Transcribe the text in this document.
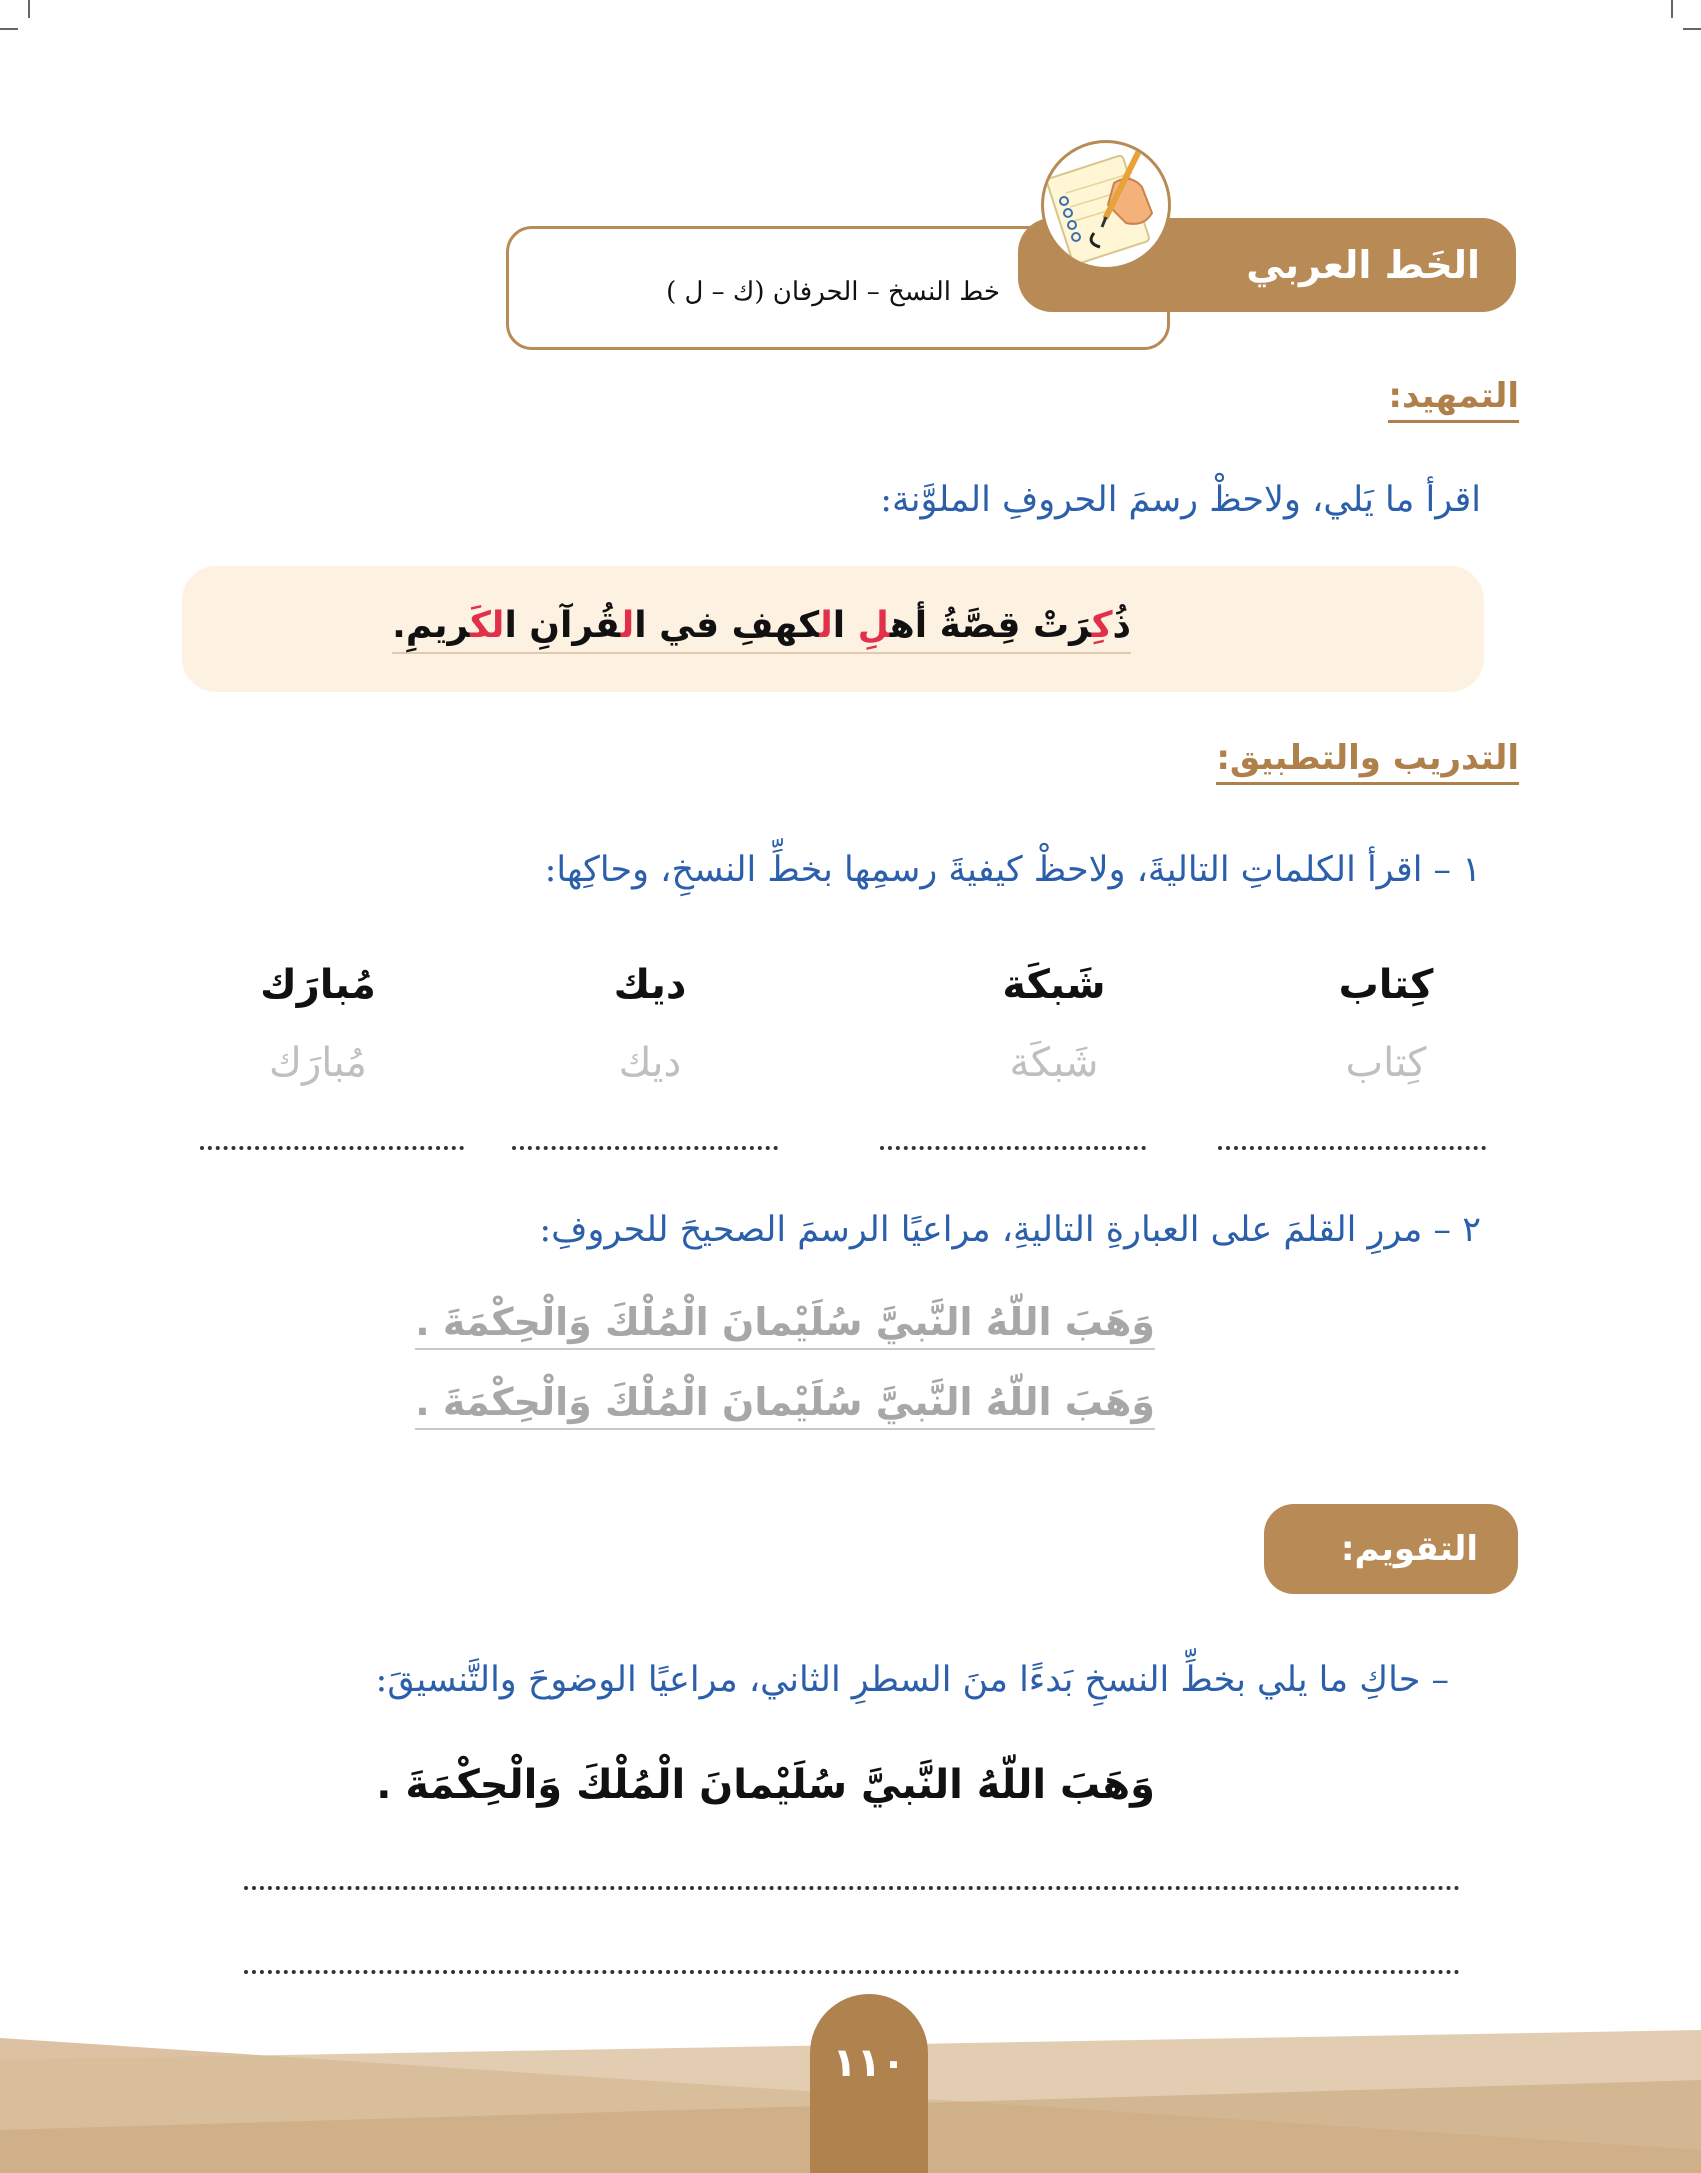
خط النسخ – الحرفان (ك – ل )
الخَط العربي
التمهيد:
اقرأ ما يَلي، ولاحظْ رسمَ الحروفِ الملوَّنة:
ذُكِرَتْ قِصَّةُ أهلِ الكهفِ في القُرآنِ الكَريمِ.
التدريب والتطبيق:
١ – اقرأ الكلماتِ التاليةَ، ولاحظْ كيفيةَ رسمِها بخطِّ النسخِ، وحاكِها:
كِتاب
شَبكَة
ديك
مُبارَك
كِتاب
شَبكَة
ديك
مُبارَك
٢ – مررِ القلمَ على العبارةِ التاليةِ، مراعيًا الرسمَ الصحيحَ للحروفِ:
وَهَبَ اللّهُ النَّبيَّ سُلَيْمانَ الْمُلْكَ وَالْحِكْمَةَ .
وَهَبَ اللّهُ النَّبيَّ سُلَيْمانَ الْمُلْكَ وَالْحِكْمَةَ .
التقويم:
– حاكِ ما يلي بخطِّ النسخِ بَدءًا منَ السطرِ الثاني، مراعيًا الوضوحَ والتَّنسيقَ:
وَهَبَ اللّهُ النَّبيَّ سُلَيْمانَ الْمُلْكَ وَالْحِكْمَةَ .
١١٠
